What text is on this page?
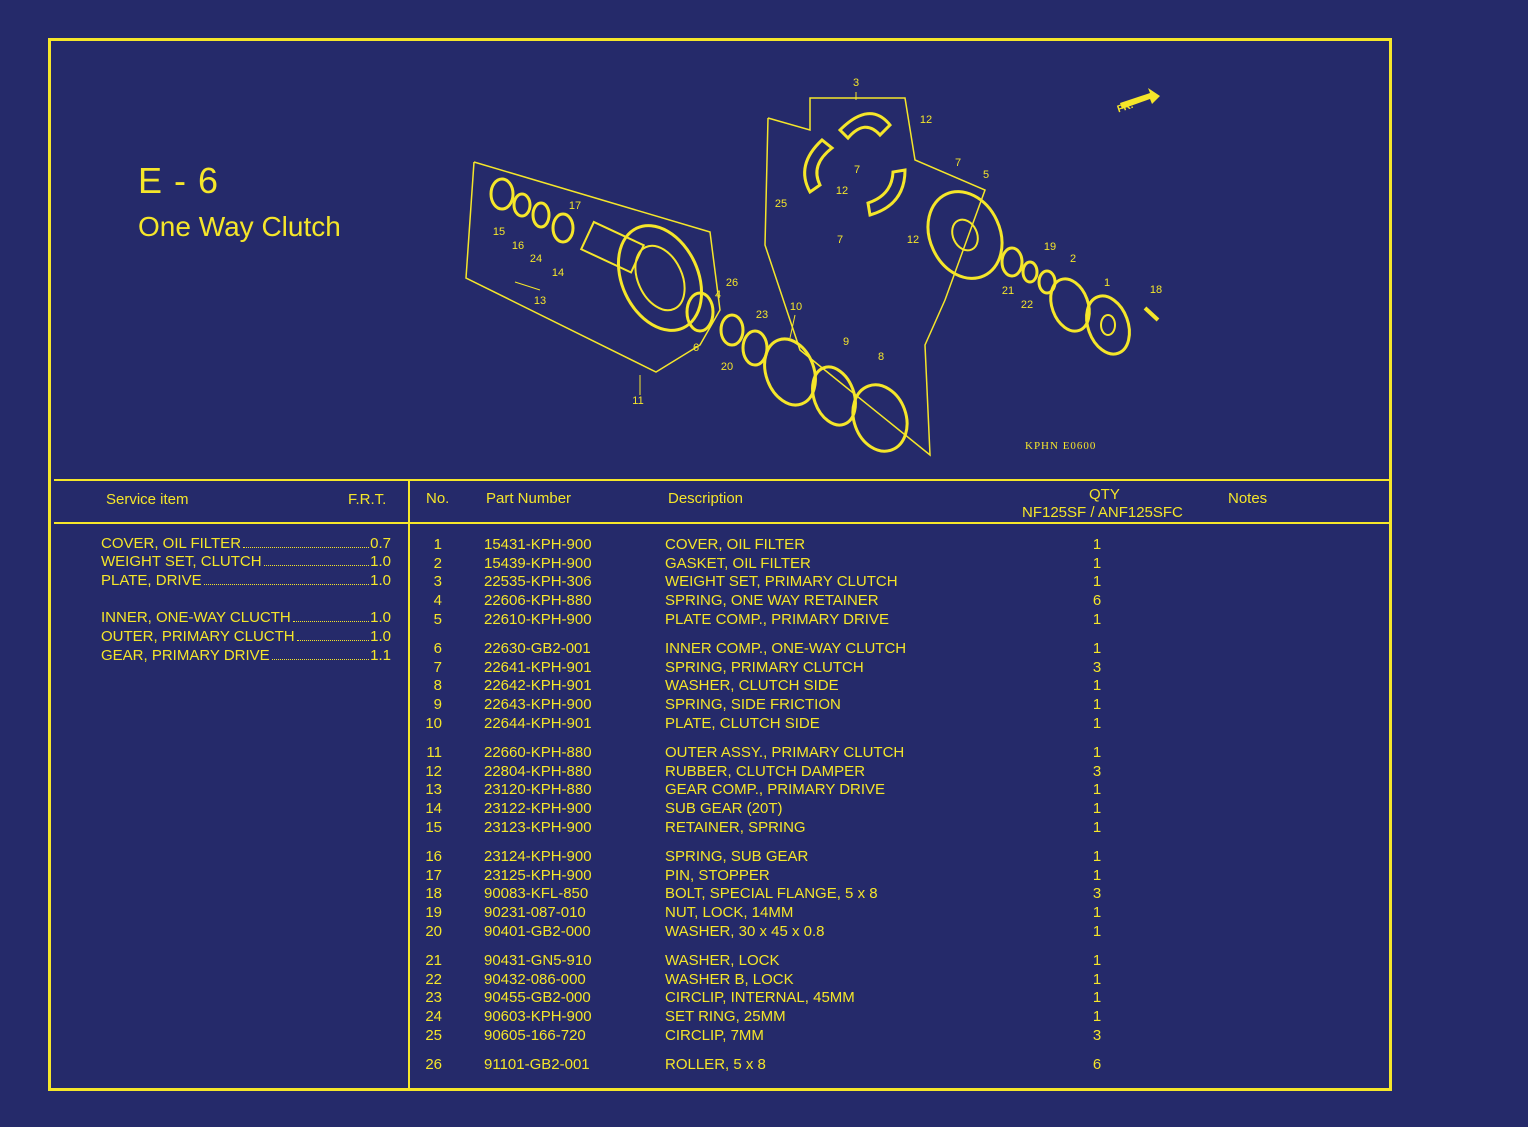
E - 6
One Way Clutch
1
2
3
4
5
6
7
7
7
8
9
10
11
12
12
12
13
14
15
16
17
18
19
20
21
22
23
24
25
26
FR.
KPHN E0600
Service item	F.R.T.	No. Part Number	Description	QTY
NF125SF / ANF125SFC
Notes
COVER, OIL FILTER	0.7
WEIGHT SET, CLUTCH	1.0
PLATE, DRIVE	1.0
INNER, ONE-WAY CLUCTH	1.0
OUTER, PRIMARY CLUCTH	1.0
GEAR, PRIMARY DRIVE	1.1
1	15431-KPH-900	COVER, OIL FILTER	1
2	15439-KPH-900	GASKET, OIL FILTER	1
3	22535-KPH-306	WEIGHT SET, PRIMARY CLUTCH	1
4	22606-KPH-880	SPRING, ONE WAY RETAINER	6
5	22610-KPH-900	PLATE COMP., PRIMARY DRIVE	1
6	22630-GB2-001	INNER COMP., ONE-WAY CLUTCH	1
7	22641-KPH-901	SPRING, PRIMARY CLUTCH	3
8	22642-KPH-901	WASHER, CLUTCH SIDE	1
9	22643-KPH-900	SPRING, SIDE FRICTION	1
10	22644-KPH-901	PLATE, CLUTCH SIDE	1
11	22660-KPH-880	OUTER ASSY., PRIMARY CLUTCH	1
12	22804-KPH-880	RUBBER, CLUTCH DAMPER	3
13	23120-KPH-880	GEAR COMP., PRIMARY DRIVE	1
14	23122-KPH-900	SUB GEAR (20T)	1
15	23123-KPH-900	RETAINER, SPRING	1
16	23124-KPH-900	SPRING, SUB GEAR	1
17	23125-KPH-900	PIN, STOPPER	1
18	90083-KFL-850	BOLT, SPECIAL FLANGE, 5 x 8	3
19	90231-087-010	NUT, LOCK, 14MM	1
20	90401-GB2-000	WASHER, 30 x 45 x 0.8	1
21	90431-GN5-910	WASHER, LOCK	1
22	90432-086-000	WASHER B, LOCK	1
23	90455-GB2-000	CIRCLIP, INTERNAL, 45MM	1
24	90603-KPH-900	SET RING, 25MM	1
25	90605-166-720	CIRCLIP, 7MM	3
26	91101-GB2-001	ROLLER, 5 x 8	6
